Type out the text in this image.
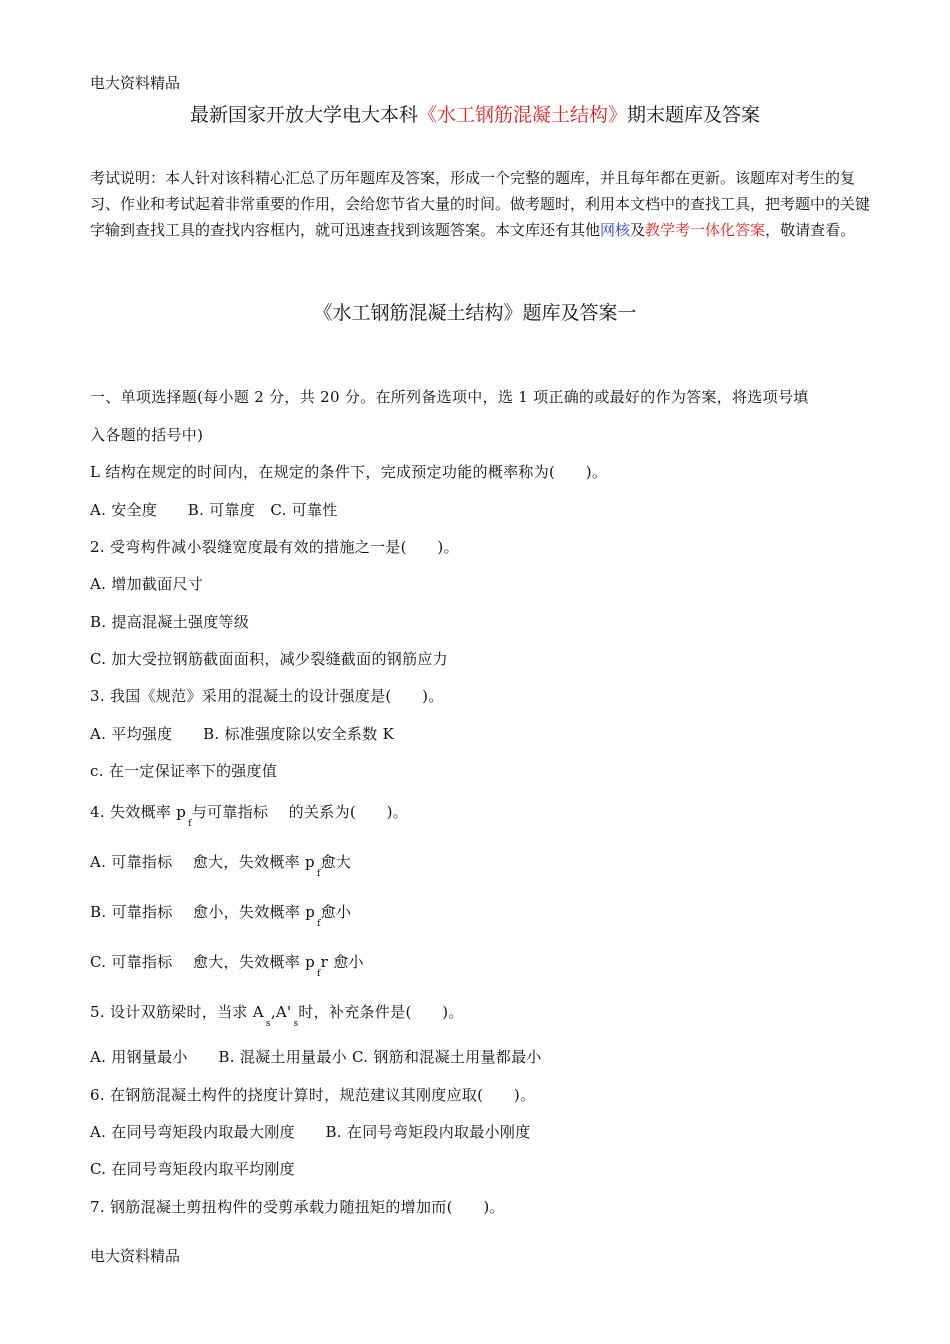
电大资料精品
最新国家开放大学电大本科《水工钢筋混凝土结构》期末题库及答案

考试说明：本人针对该科精心汇总了历年题库及答案，形成一个完整的题库，并且每年都在更新。该题库对考生的复习、作业和考试起着非常重要的作用，会给您节省大量的时间。做考题时，利用本文档中的查找工具，把考题中的关键字输到查找工具的查找内容框内，就可迅速查找到该题答案。本文库还有其他网核及教学考一体化答案，敬请查看。

《水工钢筋混凝土结构》题库及答案一
一、单项选择题(每小题 2 分，共 20 分。在所列备选项中，选 1 项正确的或最好的作为答案，将选项号填
入各题的括号中)
L 结构在规定的时间内，在规定的条件下，完成预定功能的概率称为(　　)。
A. 安全度　　B. 可靠度　C. 可靠性
2. 受弯构件减小裂缝宽度最有效的措施之一是(　　)。
A. 增加截面尺寸
B. 提高混凝土强度等级
C. 加大受拉钢筋截面面积，减少裂缝截面的钢筋应力
3. 我国《规范》采用的混凝土的设计强度是(　　)。
A. 平均强度　　B. 标准强度除以安全系数 K
c. 在一定保证率下的强度值
4. 失效概率 $p_f$与可靠指标　 的关系为(　　)。
A. 可靠指标　 愈大，失效概率 $p_f$愈大
B. 可靠指标　 愈小，失效概率 $p_f$愈小
C. 可靠指标　 愈大，失效概率 $p_fr$ 愈小
5. 设计双筋梁时，当求 $A_s,A'_s$时，补充条件是(　　)。
A. 用钢量最小　　B. 混凝土用量最小 C. 钢筋和混凝土用量都最小
6. 在钢筋混凝土构件的挠度计算时，规范建议其刚度应取(　　)。
A. 在同号弯矩段内取最大刚度　　B. 在同号弯矩段内取最小刚度
C. 在同号弯矩段内取平均刚度
7. 钢筋混凝土剪扭构件的受剪承载力随扭矩的增加而(　　)。
电大资料精品
